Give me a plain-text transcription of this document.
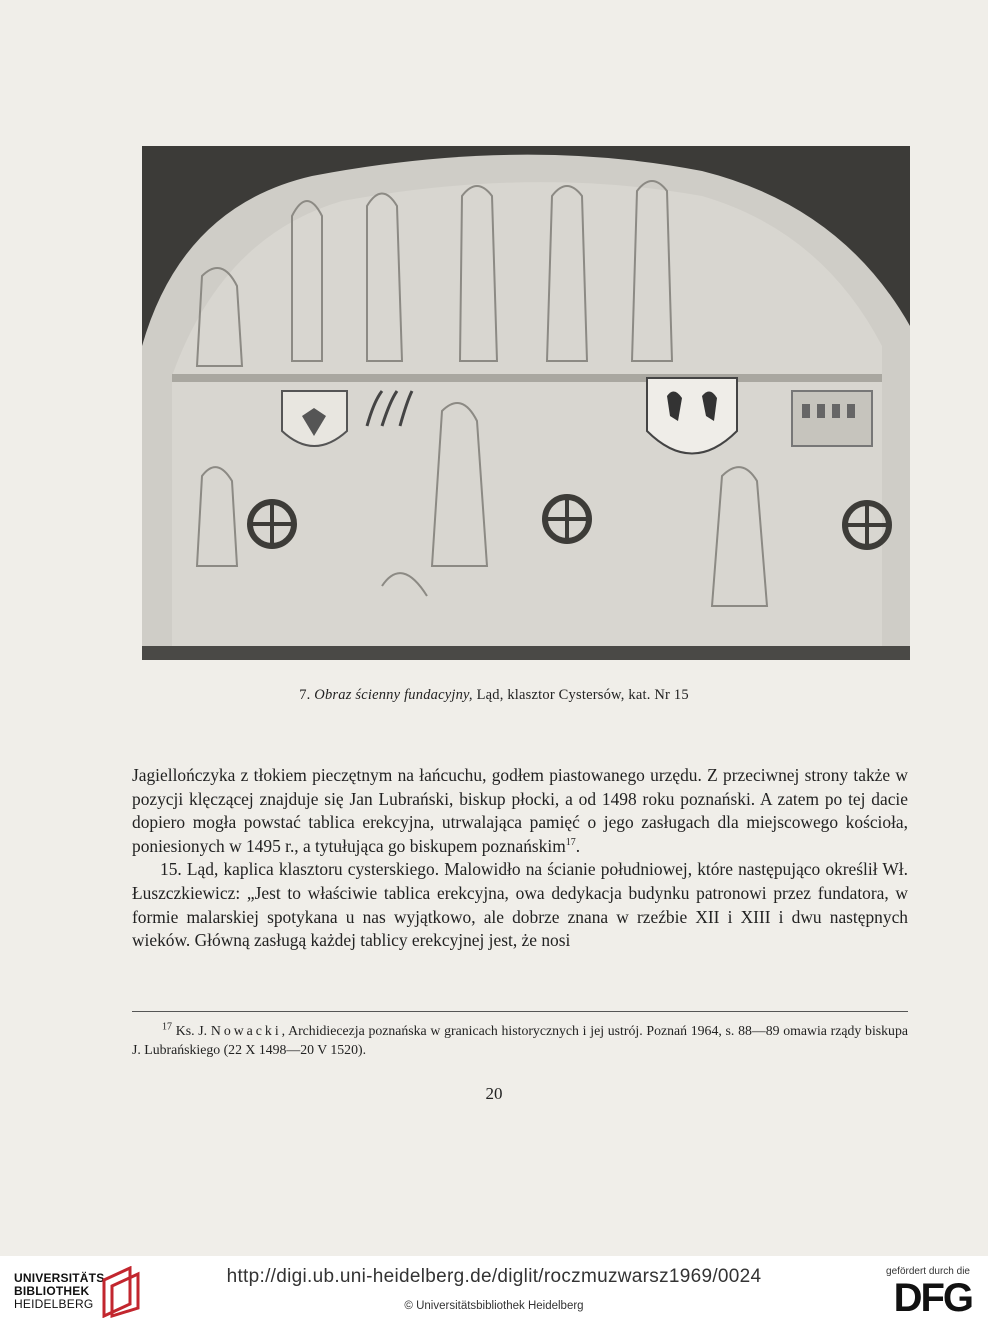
7. Obraz ścienny fundacyjny, Ląd, klasztor Cystersów, kat. Nr 15

Jagiellończyka z tłokiem pieczętnym na łańcuchu, godłem piastowanego urzędu. Z przeciwnej strony także w pozycji klęczącej znajduje się Jan Lubrański, biskup płocki, a od 1498 roku poznański. A zatem po tej dacie dopiero mogła powstać tablica erekcyjna, utrwalająca pamięć o jego zasługach dla miejscowego kościoła, poniesionych w 1495 r., a tytułująca go biskupem poznańskim$^{17}$.

15. Ląd, kaplica klasztoru cysterskiego. Malowidło na ścianie południowej, które następująco określił Wł. Łuszczkiewicz: „Jest to właściwie tablica erekcyjna, owa dedykacja budynku patronowi przez fundatora, w formie malarskiej spotykana u nas wyjątkowo, ale dobrze znana w rzeźbie XII i XIII i dwu następnych wieków. Główną zasługą każdej tablicy erekcyjnej jest, że nosi

$^{17}$ Ks. J. Nowacki, Archidiecezja poznańska w granicach historycznych i jej ustrój. Poznań 1964, s. 88—89 omawia rządy biskupa J. Lubrańskiego (22 X 1498—20 V 1520).
20
UNIVERSITÄTS-
BIBLIOTHEK
HEIDELBERG
http://digi.ub.uni-heidelberg.de/diglit/roczmuzwarsz1969/0024
© Universitätsbibliothek Heidelberg
gefördert durch die
DFG
